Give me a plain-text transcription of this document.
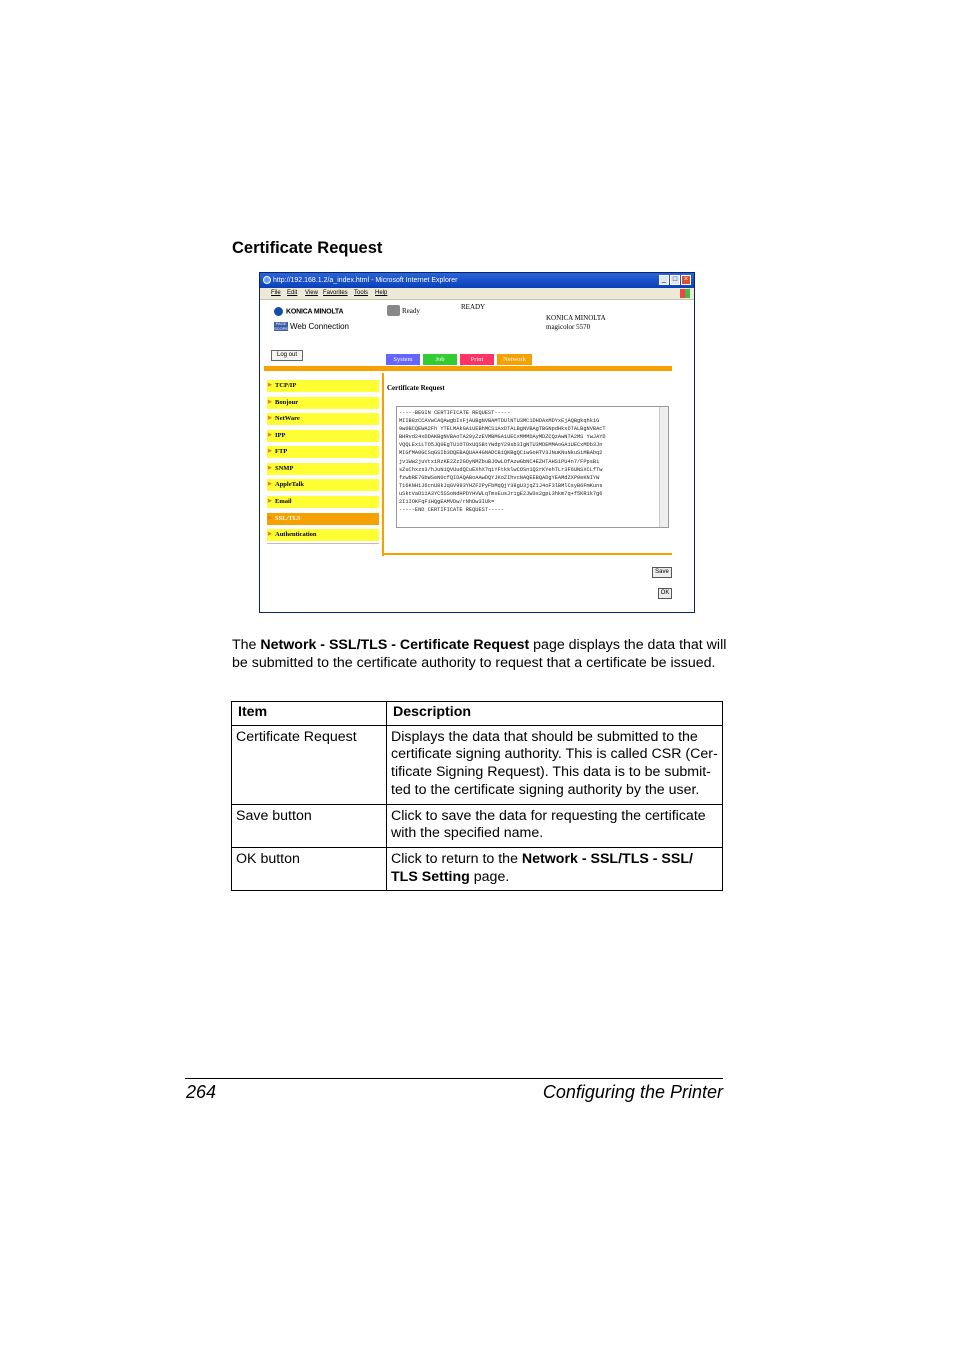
Certificate Request
http://192.168.1.2/a_index.html - Microsoft Internet Explorer	_ □ ×
File Edit View Favorites Tools Help
KONICA MINOLTA
PAGE SCOPE Web Connection
Ready	READY
KONICA MINOLTA
magicolor 5570
Log out
System	Job	Print	Network
▶ TCP/IP
▶ Bonjour
▶ NetWare
▶ IPP
▶ FTP
▶ SNMP
▶ AppleTalk
▶ Email
▶ SSL/TLS
▶ Authentication
Certificate Request
-----BEGIN CERTIFICATE REQUEST-----
MIIB8zCCAVwCAQAwgbIxFjAUBgNVBAMTDUlNTU3MC1DHDAxMDYxEjAQBgkqhkiG
9w0BCQEWA2Fh YTELMAkGA1UEBhMCS1AxDTALBgNVBAgTBGNpdHkxDTALBgNVBAcT
BHRvd24xDDAKBgNVBAoTA29yZzEVMBMGA1UECxMMMDAyMDZCQzAwNTA2MS YwJAYD
VQQLEx1LTO5JQ0EgTU1OTOxUQSBtYWdpY29sb3IgNTU3MDEMMAoGA1UECxMDb3Jn
MIGfMA0GCSqGSIb3DQEBAQUAA4GNADCBiQKBgQCiwGoHTV3JNuKNuNkuSiMBAbq2
jv1Ww2juVtxiRzKE2Zz2GOyNMZbuBJOwLOfAzwGbNC4EZHTAHS1PU4n7/FPpsB1
sZuChxzs3/hJuN1QVUudQCuEXhX7qiYFtkklwCOSn1Q2rKYehTLr3F6UNSXCLfTw
fzwbRE7GbWSeN0cfQIDAQABoAAwDQYJKoZIhvcNAQEEBQADgYEAMdZXP0eKNIYW
T16KNHiJ6cnU8kJqGV993YHZF2PyFbMqQjY38gU3jqZ1J4oF3lBMlCsyB6FmKuns
uSktVaD11A3YC5SSoNdHPDYHVWLqTmxEusJr1gE2JW3s2gpL3hkm7q+f5KR1k7g6
2I1IOKFqFiHQgEAMVDw/rNhDw3IUk=
-----END CERTIFICATE REQUEST-----
Save
OK
The Network - SSL/TLS - Certificate Request page displays the data that will be submitted to the certificate authority to request that a certificate be issued.
Item	Description
Certificate Request	Displays the data that should be submitted to the certificate signing authority. This is called CSR (Cer-tificate Signing Request). This data is to be submit-ted to the certificate signing authority by the user.
Save button	Click to save the data for requesting the certificate with the specified name.
OK button	Click to return to the Network - SSL/TLS - SSL/ TLS Setting page.
264	Configuring the Printer
